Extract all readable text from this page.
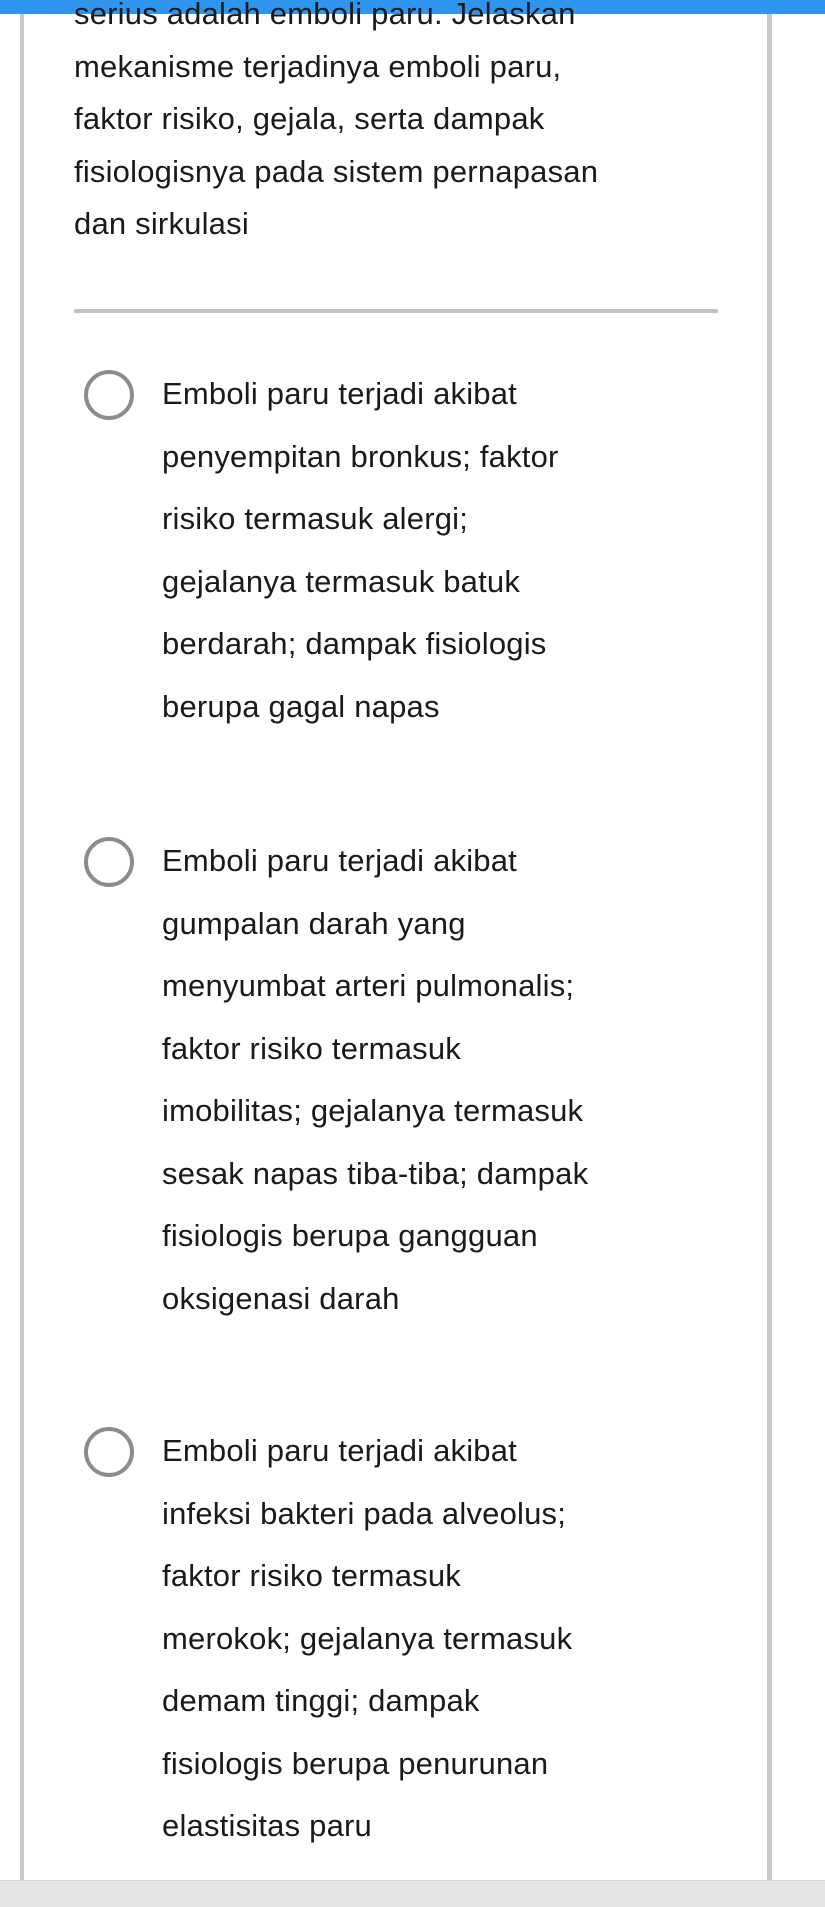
serius adalah emboli paru. Jelaskan
mekanisme terjadinya emboli paru,
faktor risiko, gejala, serta dampak
fisiologisnya pada sistem pernapasan
dan sirkulasi

Emboli paru terjadi akibat
penyempitan bronkus; faktor
risiko termasuk alergi;
gejalanya termasuk batuk
berdarah; dampak fisiologis
berupa gagal napas
Emboli paru terjadi akibat
gumpalan darah yang
menyumbat arteri pulmonalis;
faktor risiko termasuk
imobilitas; gejalanya termasuk
sesak napas tiba-tiba; dampak
fisiologis berupa gangguan
oksigenasi darah
Emboli paru terjadi akibat
infeksi bakteri pada alveolus;
faktor risiko termasuk
merokok; gejalanya termasuk
demam tinggi; dampak
fisiologis berupa penurunan
elastisitas paru
